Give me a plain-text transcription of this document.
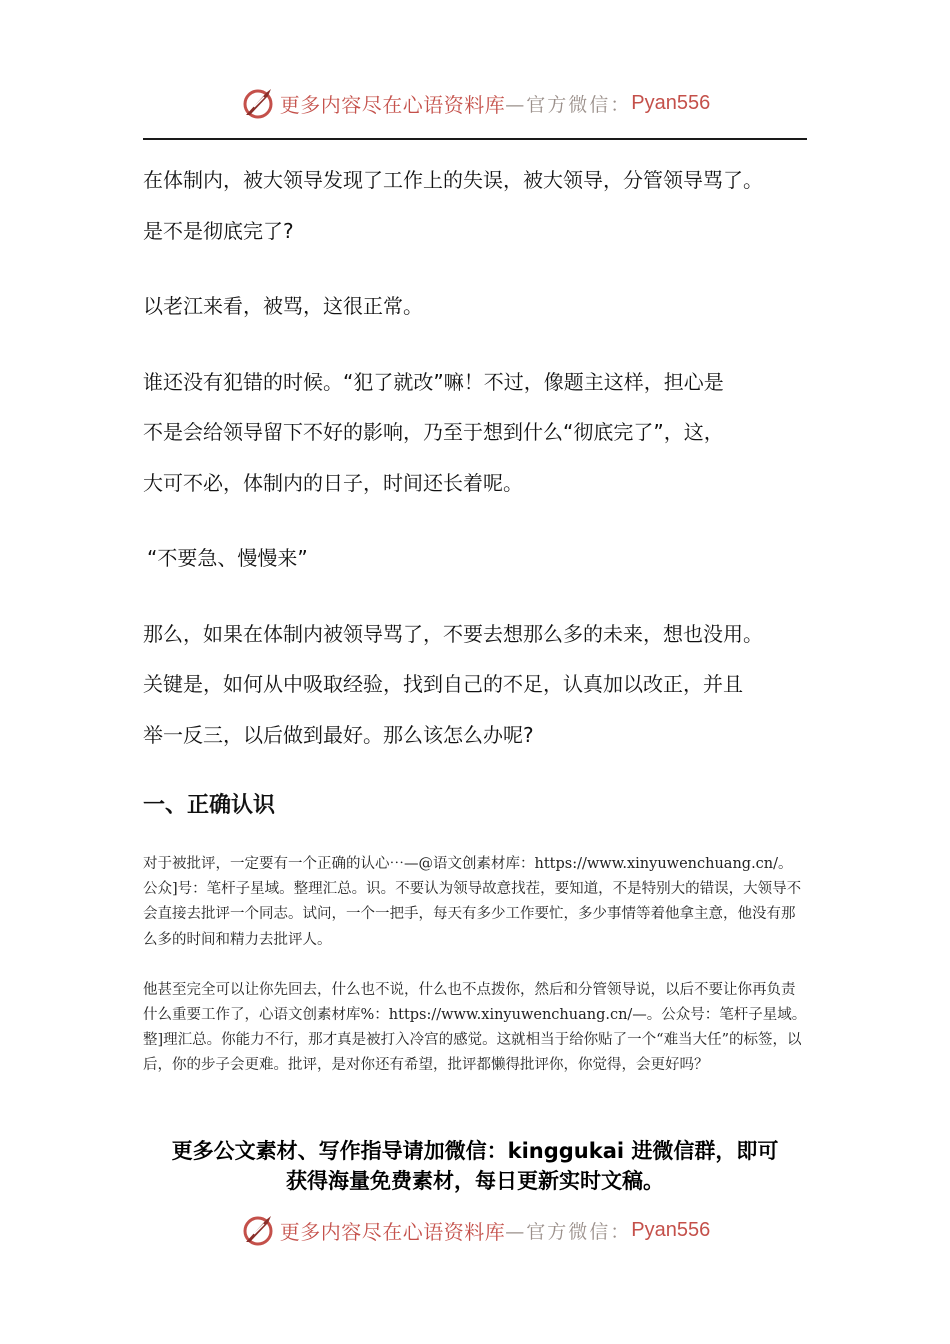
更多内容尽在心语资料库 —官方微信： Pyan556

在体制内，被大领导发现了工作上的失误，被大领导，分管领导骂了。

是不是彻底完了?

以老江来看，被骂，这很正常。

谁还没有犯错的时候。“犯了就改”嘛！不过，像题主这样，担心是

不是会给领导留下不好的影响，乃至于想到什么“彻底完了”，这，

大可不必，体制内的日子，时间还长着呢。

“不要急、慢慢来”

那么，如果在体制内被领导骂了，不要去想那么多的未来，想也没用。

关键是，如何从中吸取经验，找到自己的不足，认真加以改正，并且

举一反三，以后做到最好。那么该怎么办呢?

一、正确认识

对于被批评，一定要有一个正确的认心⋯—@语文创素材库：https://www.xinyuwenchuang.cn/。公众]号：笔杆子星域。整理汇总。识。不要认为领导故意找茬，要知道，不是特别大的错误，大领导不会直接去批评一个同志。试问，一个一把手，每天有多少工作要忙，多少事情等着他拿主意，他没有那么多的时间和精力去批评人。

他甚至完全可以让你先回去，什么也不说，什么也不点拨你，然后和分管领导说，以后不要让你再负责什么重要工作了，心语文创素材库%：https://www.xinyuwenchuang.cn/—。公众号：笔杆子星域。整]理汇总。你能力不行，那才真是被打入冷宫的感觉。这就相当于给你贴了一个“难当大任”的标签，以后，你的步子会更难。批评，是对你还有希望，批评都懒得批评你，你觉得，会更好吗？

更多公文素材、写作指导请加微信：kinggukai 进微信群，即可
获得海量免费素材，每日更新实时文稿。
更多内容尽在心语资料库 —官方微信： Pyan556
